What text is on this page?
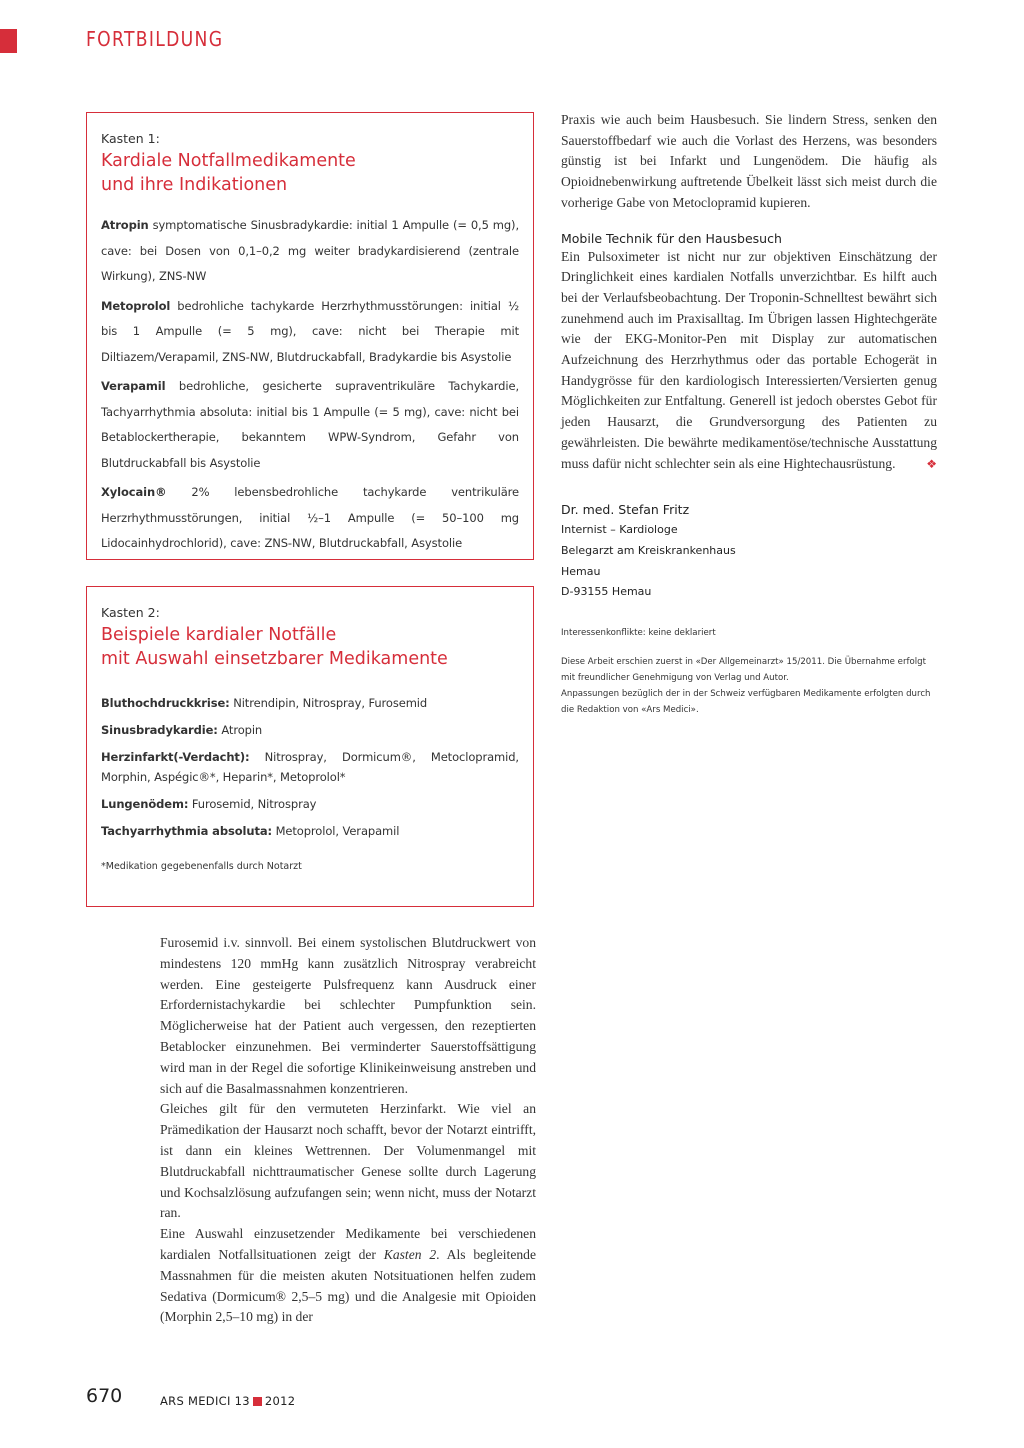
FORTBILDUNG

Kasten 1:

Kardiale Notfallmedikamente
und ihre Indikationen

Atropin symptomatische Sinusbradykardie: initial 1 Ampulle (= 0,5 mg), cave: bei Dosen von 0,1–0,2 mg weiter bradykardisierend (zentrale Wirkung), ZNS-NW

Metoprolol bedrohliche tachykarde Herzrhythmusstörungen: initial ½ bis 1 Ampulle (= 5 mg), cave: nicht bei Therapie mit Diltiazem/Verapamil, ZNS-NW, Blutdruckabfall, Bradykardie bis Asystolie

Verapamil bedrohliche, gesicherte supraventrikuläre Tachykardie, Tachyarrhythmia absoluta: initial bis 1 Ampulle (= 5 mg), cave: nicht bei Betablockertherapie, bekanntem WPW-Syndrom, Gefahr von Blutdruckabfall bis Asystolie

Xylocain® 2% lebensbedrohliche tachykarde ventrikuläre Herzrhythmusstörungen, initial ½–1 Ampulle (= 50–100 mg Lidocainhydrochlorid), cave: ZNS-NW, Blutdruckabfall, Asystolie

Kasten 2:

Beispiele kardialer Notfälle
mit Auswahl einsetzbarer Medikamente

Bluthochdruckkrise: Nitrendipin, Nitrospray, Furosemid

Sinusbradykardie: Atropin

Herzinfarkt(-Verdacht): Nitrospray, Dormicum®, Metoclopramid, Morphin, Aspégic®*, Heparin*, Metoprolol*

Lungenödem: Furosemid, Nitrospray

Tachyarrhythmia absoluta: Metoprolol, Verapamil

*Medikation gegebenenfalls durch Notarzt

Praxis wie auch beim Hausbesuch. Sie lindern Stress, senken den Sauerstoffbedarf wie auch die Vorlast des Herzens, was besonders günstig ist bei Infarkt und Lungenödem. Die häufig als Opioidnebenwirkung auftretende Übelkeit lässt sich meist durch die vorherige Gabe von Metoclopramid kupieren.

Mobile Technik für den Hausbesuch

Ein Pulsoximeter ist nicht nur zur objektiven Einschätzung der Dringlichkeit eines kardialen Notfalls unverzichtbar. Es hilft auch bei der Verlaufsbeobachtung. Der Troponin-Schnelltest bewährt sich zunehmend auch im Praxisalltag. Im Übrigen lassen Hightechgeräte wie der EKG-Monitor-Pen mit Display zur automatischen Aufzeichnung des Herzrhythmus oder das portable Echogerät in Handygrösse für den kardiologisch Interessierten/Versierten genug Möglichkeiten zur Entfaltung. Generell ist jedoch oberstes Gebot für jeden Hausarzt, die Grundversorgung des Patienten zu gewährleisten. Die bewährte medikamentöse/technische Ausstattung muss dafür nicht schlechter sein als eine Hightechausrüstung.	❖

Dr. med. Stefan Fritz

Internist – Kardiologe

Belegarzt am Kreiskrankenhaus

Hemau

D-93155 Hemau

Interessenkonflikte: keine deklariert

Diese Arbeit erschien zuerst in «Der Allgemeinarzt» 15/2011. Die Übernahme erfolgt mit freundlicher Genehmigung von Verlag und Autor.

Anpassungen bezüglich der in der Schweiz verfügbaren Medikamente erfolgten durch die Redaktion von «Ars Medici».

Furosemid i.v. sinnvoll. Bei einem systolischen Blutdruckwert von mindestens 120 mmHg kann zusätzlich Nitrospray verabreicht werden. Eine gesteigerte Pulsfrequenz kann Ausdruck einer Erfordernistachykardie bei schlechter Pumpfunktion sein. Möglicherweise hat der Patient auch vergessen, den rezeptierten Betablocker einzunehmen. Bei verminderter Sauerstoffsättigung wird man in der Regel die sofortige Klinikeinweisung anstreben und sich auf die Basalmassnahmen konzentrieren.

Gleiches gilt für den vermuteten Herzinfarkt. Wie viel an Prämedikation der Hausarzt noch schafft, bevor der Notarzt eintrifft, ist dann ein kleines Wettrennen. Der Volumenmangel mit Blutdruckabfall nichttraumatischer Genese sollte durch Lagerung und Kochsalzlösung aufzufangen sein; wenn nicht, muss der Notarzt ran.

Eine Auswahl einzusetzender Medikamente bei verschiedenen kardialen Notfallsituationen zeigt der Kasten 2. Als begleitende Massnahmen für die meisten akuten Notsituationen helfen zudem Sedativa (Dormicum® 2,5–5 mg) und die Analgesie mit Opioiden (Morphin 2,5–10 mg) in der

670	ARS MEDICI 13 2012
